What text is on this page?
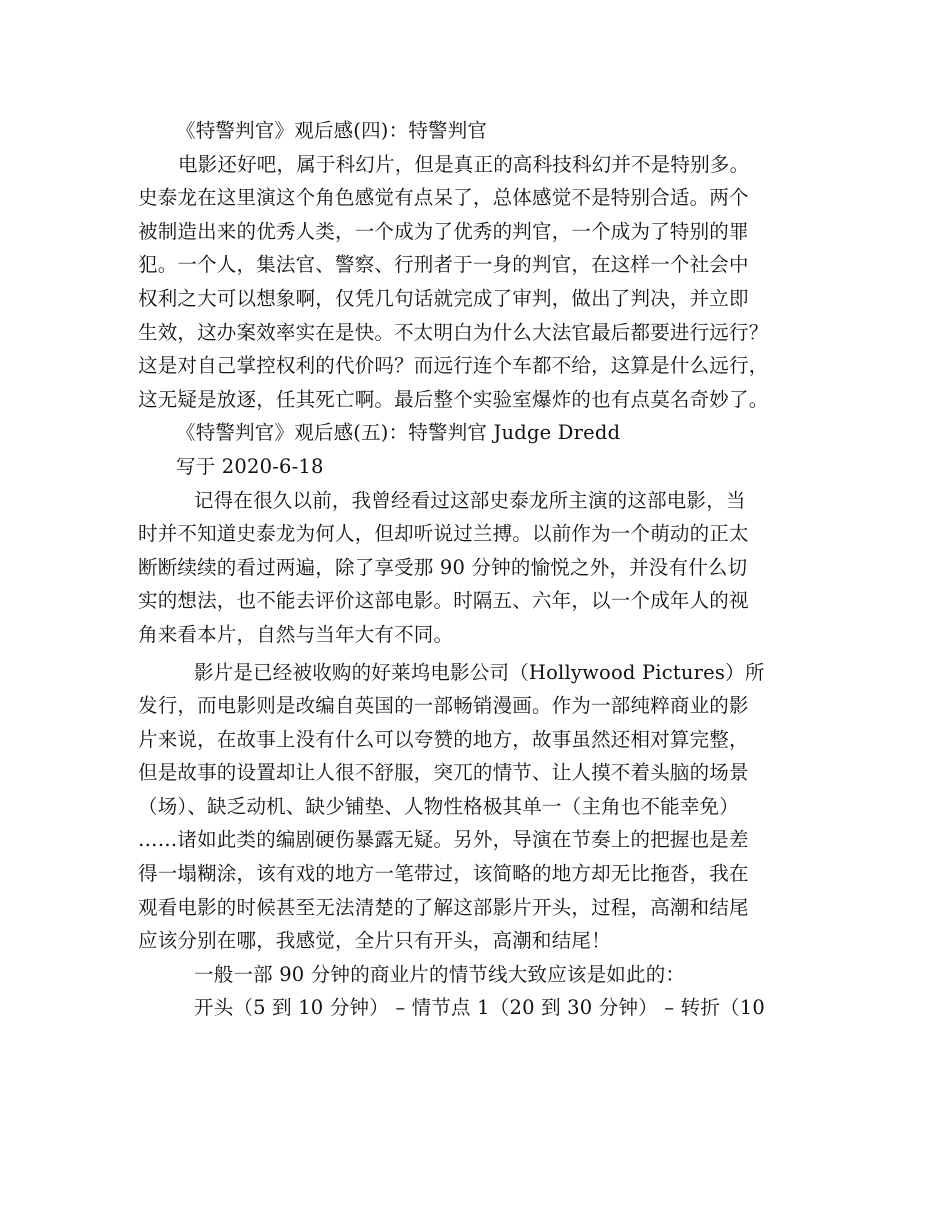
《特警判官》观后感(四)：特警判官
电影还好吧，属于科幻片，但是真正的高科技科幻并不是特别多。
史泰龙在这里演这个角色感觉有点呆了，总体感觉不是特别合适。两个
被制造出来的优秀人类，一个成为了优秀的判官，一个成为了特别的罪
犯。一个人，集法官、警察、行刑者于一身的判官，在这样一个社会中
权利之大可以想象啊，仅凭几句话就完成了审判，做出了判决，并立即
生效，这办案效率实在是快。不太明白为什么大法官最后都要进行远行？
这是对自己掌控权利的代价吗？而远行连个车都不给，这算是什么远行，
这无疑是放逐，任其死亡啊。最后整个实验室爆炸的也有点莫名奇妙了。
《特警判官》观后感(五)：特警判官 Judge Dredd
写于 2020-6-18
记得在很久以前，我曾经看过这部史泰龙所主演的这部电影，当
时并不知道史泰龙为何人，但却听说过兰搏。以前作为一个萌动的正太
断断续续的看过两遍，除了享受那 90 分钟的愉悦之外，并没有什么切
实的想法，也不能去评价这部电影。时隔五、六年，以一个成年人的视
角来看本片，自然与当年大有不同。
影片是已经被收购的好莱坞电影公司（Hollywood Pictures）所
发行，而电影则是改编自英国的一部畅销漫画。作为一部纯粹商业的影
片来说，在故事上没有什么可以夸赞的地方，故事虽然还相对算完整，
但是故事的设置却让人很不舒服，突兀的情节、让人摸不着头脑的场景
（场）、缺乏动机、缺少铺垫、人物性格极其单一（主角也不能幸免）
……诸如此类的编剧硬伤暴露无疑。另外，导演在节奏上的把握也是差
得一塌糊涂，该有戏的地方一笔带过，该简略的地方却无比拖沓，我在
观看电影的时候甚至无法清楚的了解这部影片开头，过程，高潮和结尾
应该分别在哪，我感觉，全片只有开头，高潮和结尾！
一般一部 90 分钟的商业片的情节线大致应该是如此的：
开头（5 到 10 分钟） – 情节点 1（20 到 30 分钟） – 转折（10
